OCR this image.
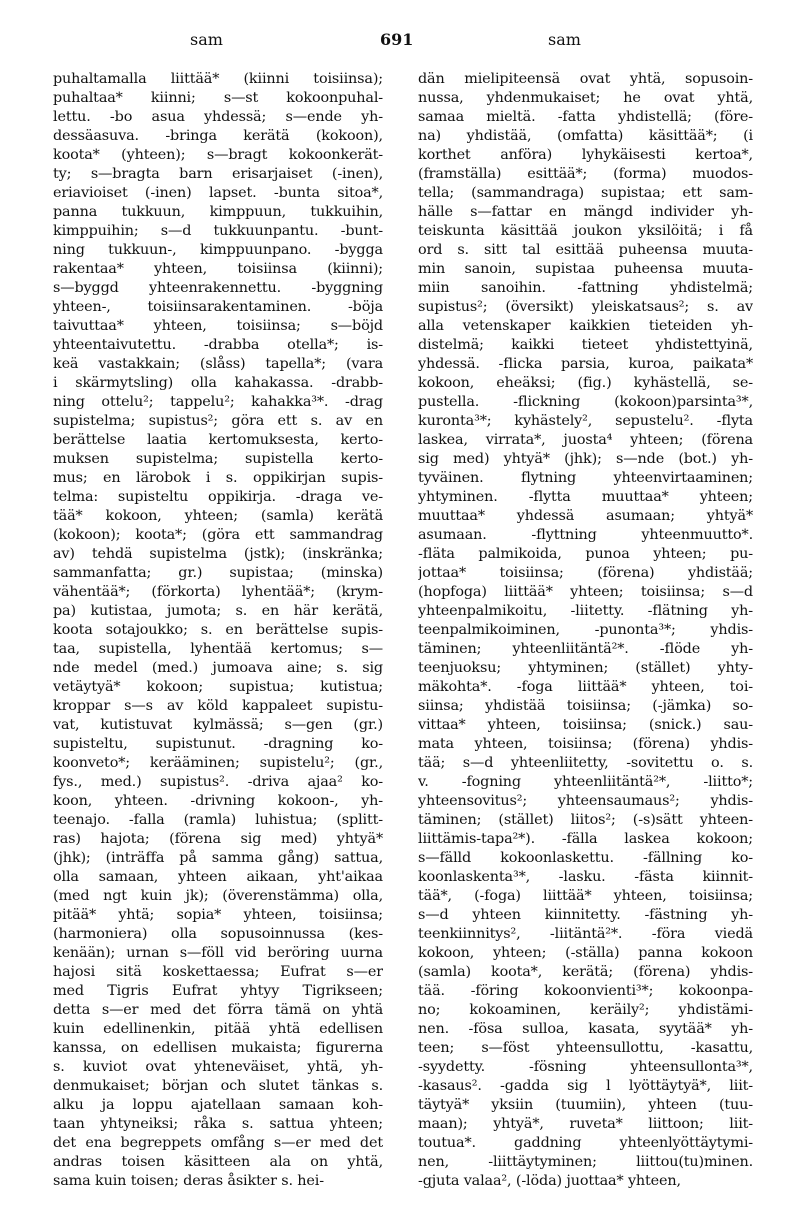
sam	691	sam
puhaltamalla liittää* (kiinni toisiinsa);
puhaltaa* kiinni; s—st kokoonpuhal-
lettu. -bo asua yhdessä; s—ende yh-
dessäasuva. -bringa kerätä (kokoon),
koota* (yhteen); s—bragt kokoonkerät-
ty; s—bragta barn erisarjaiset (-inen),
eriavioiset (-inen) lapset. -bunta sitoa*,
panna tukkuun, kimppuun, tukkuihin,
kimppuihin; s—d tukkuunpantu. -bunt-
ning tukkuun-, kimppuunpano. -bygga
rakentaa* yhteen, toisiinsa (kiinni);
s—byggd yhteenrakennettu. -byggning
yhteen-, toisiinsarakentaminen. -böja
taivuttaa* yhteen, toisiinsa; s—böjd
yhteentaivutettu. -drabba otella*; is-
keä vastakkain; (slåss) tapella*; (vara
i skärmytsling) olla kahakassa. -drabb-
ning ottelu²; tappelu²; kahakka³*. -drag
supistelma; supistus²; göra ett s. av en
berättelse laatia kertomuksesta, kerto-
muksen supistelma; supistella kerto-
mus; en lärobok i s. oppikirjan supis-
telma: supisteltu oppikirja. -draga ve-
tää* kokoon, yhteen; (samla) kerätä
(kokoon); koota*; (göra ett sammandrag
av) tehdä supistelma (jstk); (inskränka;
sammanfatta; gr.) supistaa; (minska)
vähentää*; (förkorta) lyhentää*; (krym-
pa) kutistaa, jumota; s. en här kerätä,
koota sotajoukko; s. en berättelse supis-
taa, supistella, lyhentää kertomus; s—
nde medel (med.) jumoava aine; s. sig
vetäytyä* kokoon; supistua; kutistua;
kroppar s—s av köld kappaleet supistu-
vat, kutistuvat kylmässä; s—gen (gr.)
supisteltu, supistunut. -dragning ko-
koonveto*; kerääminen; supistelu²; (gr.,
fys., med.) supistus². -driva ajaa² ko-
koon, yhteen. -drivning kokoon-, yh-
teenajo. -falla (ramla) luhistua; (splitt-
ras) hajota; (förena sig med) yhtyä*
(jhk); (inträffa på samma gång) sattua,
olla samaan, yhteen aikaan, yht'aikaa
(med ngt kuin jk); (överenstämma) olla,
pitää* yhtä; sopia* yhteen, toisiinsa;
(harmoniera) olla sopusoinnussa (kes-
kenään); urnan s—föll vid beröring uurna
hajosi sitä koskettaessa; Eufrat s—er
med Tigris Eufrat yhtyy Tigrikseen;
detta s—er med det förra tämä on yhtä
kuin edellinenkin, pitää yhtä edellisen
kanssa, on edellisen mukaista; figurerna
s. kuviot ovat yhteneväiset, yhtä, yh-
denmukaiset; början och slutet tänkas s.
alku ja loppu ajatellaan samaan koh-
taan yhtyneiksi; råka s. sattua yhteen;
det ena begreppets omfång s—er med det
andras toisen käsitteen ala on yhtä,
sama kuin toisen; deras åsikter s. hei-
dän mielipiteensä ovat yhtä, sopusoin-
nussa, yhdenmukaiset; he ovat yhtä,
samaa mieltä. -fatta yhdistellä; (före-
na) yhdistää, (omfatta) käsittää*; (i
korthet anföra) lyhykäisesti kertoa*,
(framställa) esittää*; (forma) muodos-
tella; (sammandraga) supistaa; ett sam-
hälle s—fattar en mängd individer yh-
teiskunta käsittää joukon yksilöitä; i få
ord s. sitt tal esittää puheensa muuta-
min sanoin, supistaa puheensa muuta-
miin sanoihin. -fattning yhdistelmä;
supistus²; (översikt) yleiskatsaus²; s. av
alla vetenskaper kaikkien tieteiden yh-
distelmä; kaikki tieteet yhdistettyinä,
yhdessä. -flicka parsia, kuroa, paikata*
kokoon, eheäksi; (fig.) kyhästellä, se-
pustella. -flickning (kokoon)parsinta³*,
kuronta³*; kyhästely², sepustelu². -flyta
laskea, virrata*, juosta⁴ yhteen; (förena
sig med) yhtyä* (jhk); s—nde (bot.) yh-
tyväinen. flytning yhteenvirtaaminen;
yhtyminen. -flytta muuttaa* yhteen;
muuttaa* yhdessä asumaan; yhtyä*
asumaan. -flyttning yhteenmuutto*.
-fläta palmikoida, punoa yhteen; pu-
jottaa* toisiinsa; (förena) yhdistää;
(hopfoga) liittää* yhteen; toisiinsa; s—d
yhteenpalmikoitu, -liitetty. -flätning yh-
teenpalmikoiminen, -punonta³*; yhdis-
täminen; yhteenliitäntä²*. -flöde yh-
teenjuoksu; yhtyminen; (stället) yhty-
mäkohta*. -foga liittää* yhteen, toi-
siinsa; yhdistää toisiinsa; (-jämka) so-
vittaa* yhteen, toisiinsa; (snick.) sau-
mata yhteen, toisiinsa; (förena) yhdis-
tää; s—d yhteenliitetty, -sovitettu o. s.
v. -fogning yhteenliitäntä²*, -liitto*;
yhteensovitus²; yhteensaumaus²; yhdis-
täminen; (stället) liitos²; (-s)sätt yhteen-
liittämis-tapa²*). -fälla laskea kokoon;
s—fälld kokoonlaskettu. -fällning ko-
koonlaskenta³*, -lasku. -fästa kiinnit-
tää*, (-foga) liittää* yhteen, toisiinsa;
s—d yhteen kiinnitetty. -fästning yh-
teenkiinnitys², -liitäntä²*. -föra viedä
kokoon, yhteen; (-ställa) panna kokoon
(samla) koota*, kerätä; (förena) yhdis-
tää. -föring kokoonvienti³*; kokoonpa-
no; kokoaminen, keräily²; yhdistämi-
nen. -fösa sulloa, kasata, syytää* yh-
teen; s—föst yhteensullottu, -kasattu,
-syydetty. -fösning yhteensullonta³*,
-kasaus². -gadda sig l lyöttäytyä*, liit-
täytyä* yksiin (tuumiin), yhteen (tuu-
maan); yhtyä*, ruveta* liittoon; liit-
toutua*. gaddning yhteenlyöttäytymi-
nen, -liittäytyminen; liittou(tu)minen.
-gjuta valaa², (-löda) juottaa* yhteen,
